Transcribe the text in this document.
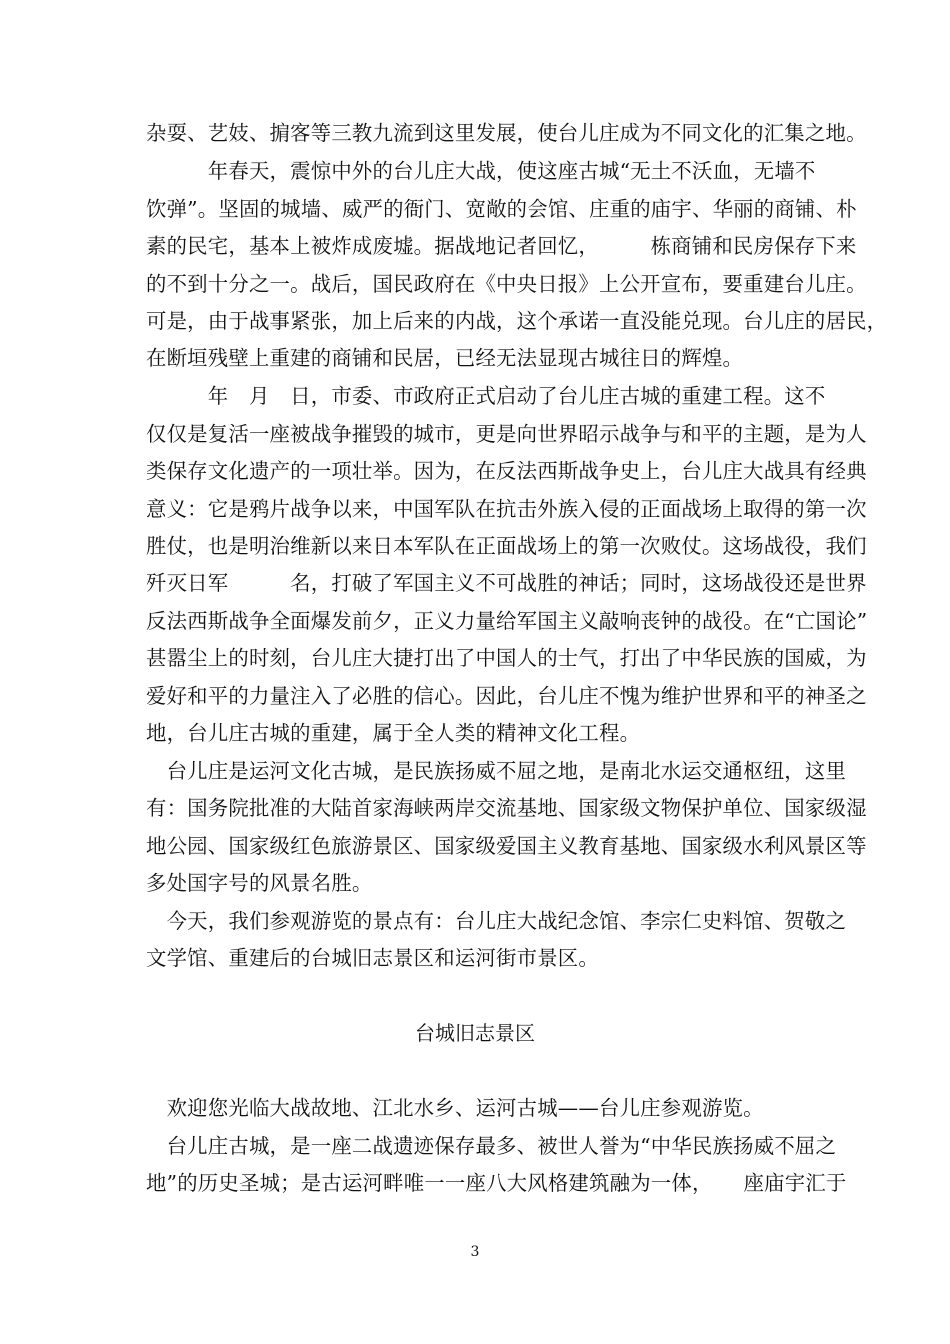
杂耍、艺妓、掮客等三教九流到这里发展，使台儿庄成为不同文化的汇集之地。
　　　年春天，震惊中外的台儿庄大战，使这座古城“无土不沃血，无墙不
饮弹”。坚固的城墙、威严的衙门、宽敞的会馆、庄重的庙宇、华丽的商铺、朴
素的民宅，基本上被炸成废墟。据战地记者回忆，　　　栋商铺和民房保存下来
的不到十分之一。战后，国民政府在《中央日报》上公开宣布，要重建台儿庄。
可是，由于战事紧张，加上后来的内战，这个承诺一直没能兑现。台儿庄的居民，
在断垣残壁上重建的商铺和民居，已经无法显现古城往日的辉煌。
　　　年　月　日，市委、市政府正式启动了台儿庄古城的重建工程。这不
仅仅是复活一座被战争摧毁的城市，更是向世界昭示战争与和平的主题，是为人
类保存文化遗产的一项壮举。因为，在反法西斯战争史上，台儿庄大战具有经典
意义：它是鸦片战争以来，中国军队在抗击外族入侵的正面战场上取得的第一次
胜仗，也是明治维新以来日本军队在正面战场上的第一次败仗。这场战役，我们
歼灭日军　　　名，打破了军国主义不可战胜的神话；同时，这场战役还是世界
反法西斯战争全面爆发前夕，正义力量给军国主义敲响丧钟的战役。在“亡国论”
甚嚣尘上的时刻，台儿庄大捷打出了中国人的士气，打出了中华民族的国威，为
爱好和平的力量注入了必胜的信心。因此，台儿庄不愧为维护世界和平的神圣之
地，台儿庄古城的重建，属于全人类的精神文化工程。
　台儿庄是运河文化古城，是民族扬威不屈之地，是南北水运交通枢纽，这里
有：国务院批准的大陆首家海峡两岸交流基地、国家级文物保护单位、国家级湿
地公园、国家级红色旅游景区、国家级爱国主义教育基地、国家级水利风景区等
多处国字号的风景名胜。
　今天，我们参观游览的景点有：台儿庄大战纪念馆、李宗仁史料馆、贺敬之
文学馆、重建后的台城旧志景区和运河街市景区。
台城旧志景区
　欢迎您光临大战故地、江北水乡、运河古城——台儿庄参观游览。
　台儿庄古城，是一座二战遗迹保存最多、被世人誉为“中华民族扬威不屈之
地”的历史圣城；是古运河畔唯一一座八大风格建筑融为一体，　　座庙宇汇于
3
